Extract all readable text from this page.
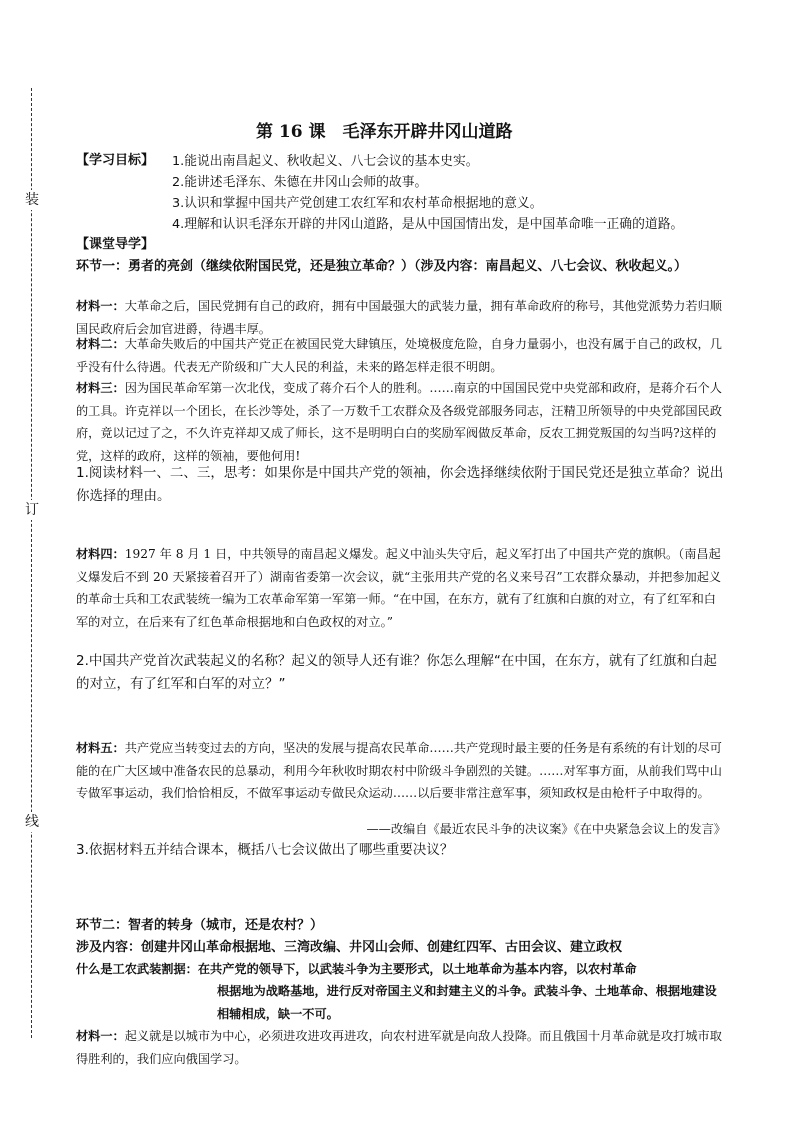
装
订
线
第 16 课　毛泽东开辟井冈山道路
【学习目标】 1.能说出南昌起义、秋收起义、八七会议的基本史实。
2.能讲述毛泽东、朱德在井冈山会师的故事。
3.认识和掌握中国共产党创建工农红军和农村革命根据地的意义。
4.理解和认识毛泽东开辟的井冈山道路，是从中国国情出发，是中国革命唯一正确的道路。
【课堂导学】
环节一：勇者的亮剑（继续依附国民党，还是独立革命？）（涉及内容：南昌起义、八七会议、秋收起义。）
材料一：大革命之后，国民党拥有自己的政府，拥有中国最强大的武装力量，拥有革命政府的称号，其他党派势力若归顺国民政府后会加官进爵，待遇丰厚。
材料二：大革命失败后的中国共产党正在被国民党大肆镇压，处境极度危险，自身力量弱小，也没有属于自己的政权，几乎没有什么待遇。代表无产阶级和广大人民的利益，未来的路怎样走很不明朗。
材料三：因为国民革命军第一次北伐，变成了蒋介石个人的胜利。……南京的中国国民党中央党部和政府，是蒋介石个人的工具。许克祥以一个团长，在长沙等处，杀了一万数千工农群众及各级党部服务同志，汪精卫所领导的中央党部国民政府，竟以记过了之，不久许克祥却又成了师长，这不是明明白白的奖励军阀做反革命，反农工拥党叛国的勾当吗?这样的党，这样的政府，这样的领袖，要他何用!
1.阅读材料一、二、三，思考：如果你是中国共产党的领袖，你会选择继续依附于国民党还是独立革命？说出你选择的理由。
材料四：1927 年 8 月 1 日，中共领导的南昌起义爆发。起义中汕头失守后，起义军打出了中国共产党的旗帜。（南昌起义爆发后不到 20 天紧接着召开了）湖南省委第一次会议，就“主张用共产党的名义来号召”工农群众暴动，并把参加起义的革命士兵和工农武装统一编为工农革命军第一军第一师。“在中国，在东方，就有了红旗和白旗的对立，有了红军和白军的对立，在后来有了红色革命根据地和白色政权的对立。”
2.中国共产党首次武装起义的名称？起义的领导人还有谁？你怎么理解“在中国，在东方，就有了红旗和白起的对立，有了红军和白军的对立？”
材料五：共产党应当转变过去的方向，坚决的发展与提高农民革命……共产党现时最主要的任务是有系统的有计划的尽可能的在广大区域中准备农民的总暴动，利用今年秋收时期农村中阶级斗争剧烈的关键。……对军事方面，从前我们骂中山专做军事运动，我们恰恰相反，不做军事运动专做民众运动……以后要非常注意军事，须知政权是由枪杆子中取得的。
——改编自《最近农民斗争的决议案》《在中央紧急会议上的发言》
3.依据材料五并结合课本，概括八七会议做出了哪些重要决议？
环节二：智者的转身（城市，还是农村？）
涉及内容：创建井冈山革命根据地、三湾改编、井冈山会师、创建红四军、古田会议、建立政权
什么是工农武装割据：在共产党的领导下，以武装斗争为主要形式，以土地革命为基本内容，以农村革命
根据地为战略基地，进行反对帝国主义和封建主义的斗争。武装斗争、土地革命、根据地建设相辅相成，缺一不可。
材料一：起义就是以城市为中心，必须进攻进攻再进攻，向农村进军就是向敌人投降。而且俄国十月革命就是攻打城市取得胜利的，我们应向俄国学习。
